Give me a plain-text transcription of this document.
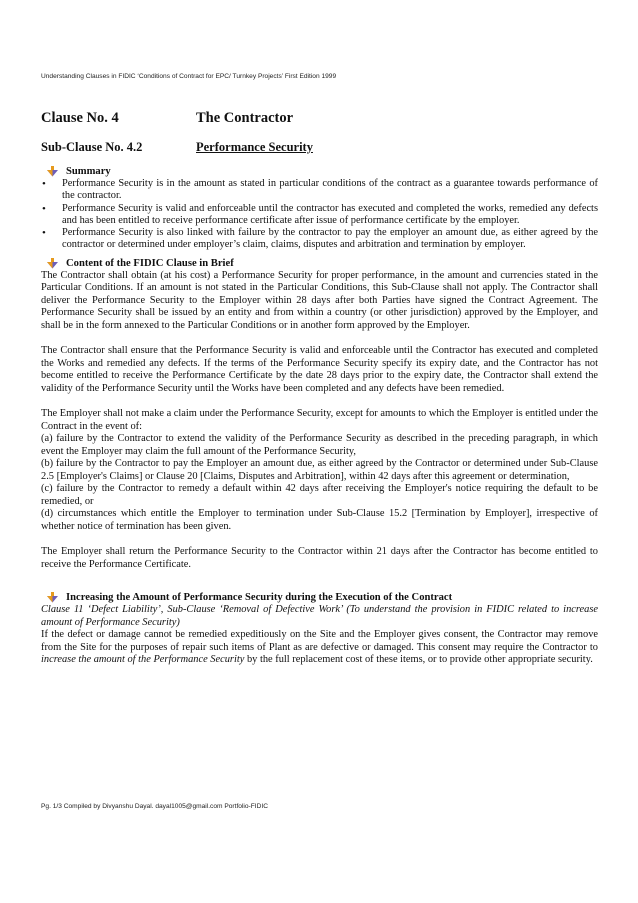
Understanding Clauses in FIDIC ‘Conditions of Contract for EPC/ Turnkey Projects’ First Edition 1999
Clause No. 4	The Contractor
Sub-Clause No. 4.2	Performance Security
Summary
• Performance Security is in the amount as stated in particular conditions of the contract as a guarantee towards performance of the contractor.
• Performance Security is valid and enforceable until the contractor has executed and completed the works, remedied any defects and has been entitled to receive performance certificate after issue of performance certificate by the employer.
• Performance Security is also linked with failure by the contractor to pay the employer an amount due, as either agreed by the contractor or determined under employer’s claim, claims, disputes and arbitration and termination by employer.
Content of the FIDIC Clause in Brief

The Contractor shall obtain (at his cost) a Performance Security for proper performance, in the amount and currencies stated in the Particular Conditions. If an amount is not stated in the Particular Conditions, this Sub-Clause shall not apply. The Contractor shall deliver the Performance Security to the Employer within 28 days after both Parties have signed the Contract Agreement. The Performance Security shall be issued by an entity and from within a country (or other jurisdiction) approved by the Employer, and shall be in the form annexed to the Particular Conditions or in another form approved by the Employer.

The Contractor shall ensure that the Performance Security is valid and enforceable until the Contractor has executed and completed the Works and remedied any defects. If the terms of the Performance Security specify its expiry date, and the Contractor has not become entitled to receive the Performance Certificate by the date 28 days prior to the expiry date, the Contractor shall extend the validity of the Performance Security until the Works have been completed and any defects have been remedied.

The Employer shall not make a claim under the Performance Security, except for amounts to which the Employer is entitled under the Contract in the event of:

(a) failure by the Contractor to extend the validity of the Performance Security as described in the preceding paragraph, in which event the Employer may claim the full amount of the Performance Security,

(b) failure by the Contractor to pay the Employer an amount due, as either agreed by the Contractor or determined under Sub-Clause 2.5 [Employer's Claims] or Clause 20 [Claims, Disputes and Arbitration], within 42 days after this agreement or determination,

(c) failure by the Contractor to remedy a default within 42 days after receiving the Employer's notice requiring the default to be remedied, or

(d) circumstances which entitle the Employer to termination under Sub-Clause 15.2 [Termination by Employer], irrespective of whether notice of termination has been given.

The Employer shall return the Performance Security to the Contractor within 21 days after the Contractor has become entitled to receive the Performance Certificate.

Increasing the Amount of Performance Security during the Execution of the Contract

Clause 11 ‘Defect Liability’, Sub-Clause ‘Removal of Defective Work’ (To understand the provision in FIDIC related to increase amount of Performance Security)

If the defect or damage cannot be remedied expeditiously on the Site and the Employer gives consent, the Contractor may remove from the Site for the purposes of repair such items of Plant as are defective or damaged. This consent may require the Contractor to increase the amount of the Performance Security by the full replacement cost of these items, or to provide other appropriate security.

Pg. 1/3 Compiled by Divyanshu Dayal. dayal1005@gmail.com Portfolio-FIDIC
